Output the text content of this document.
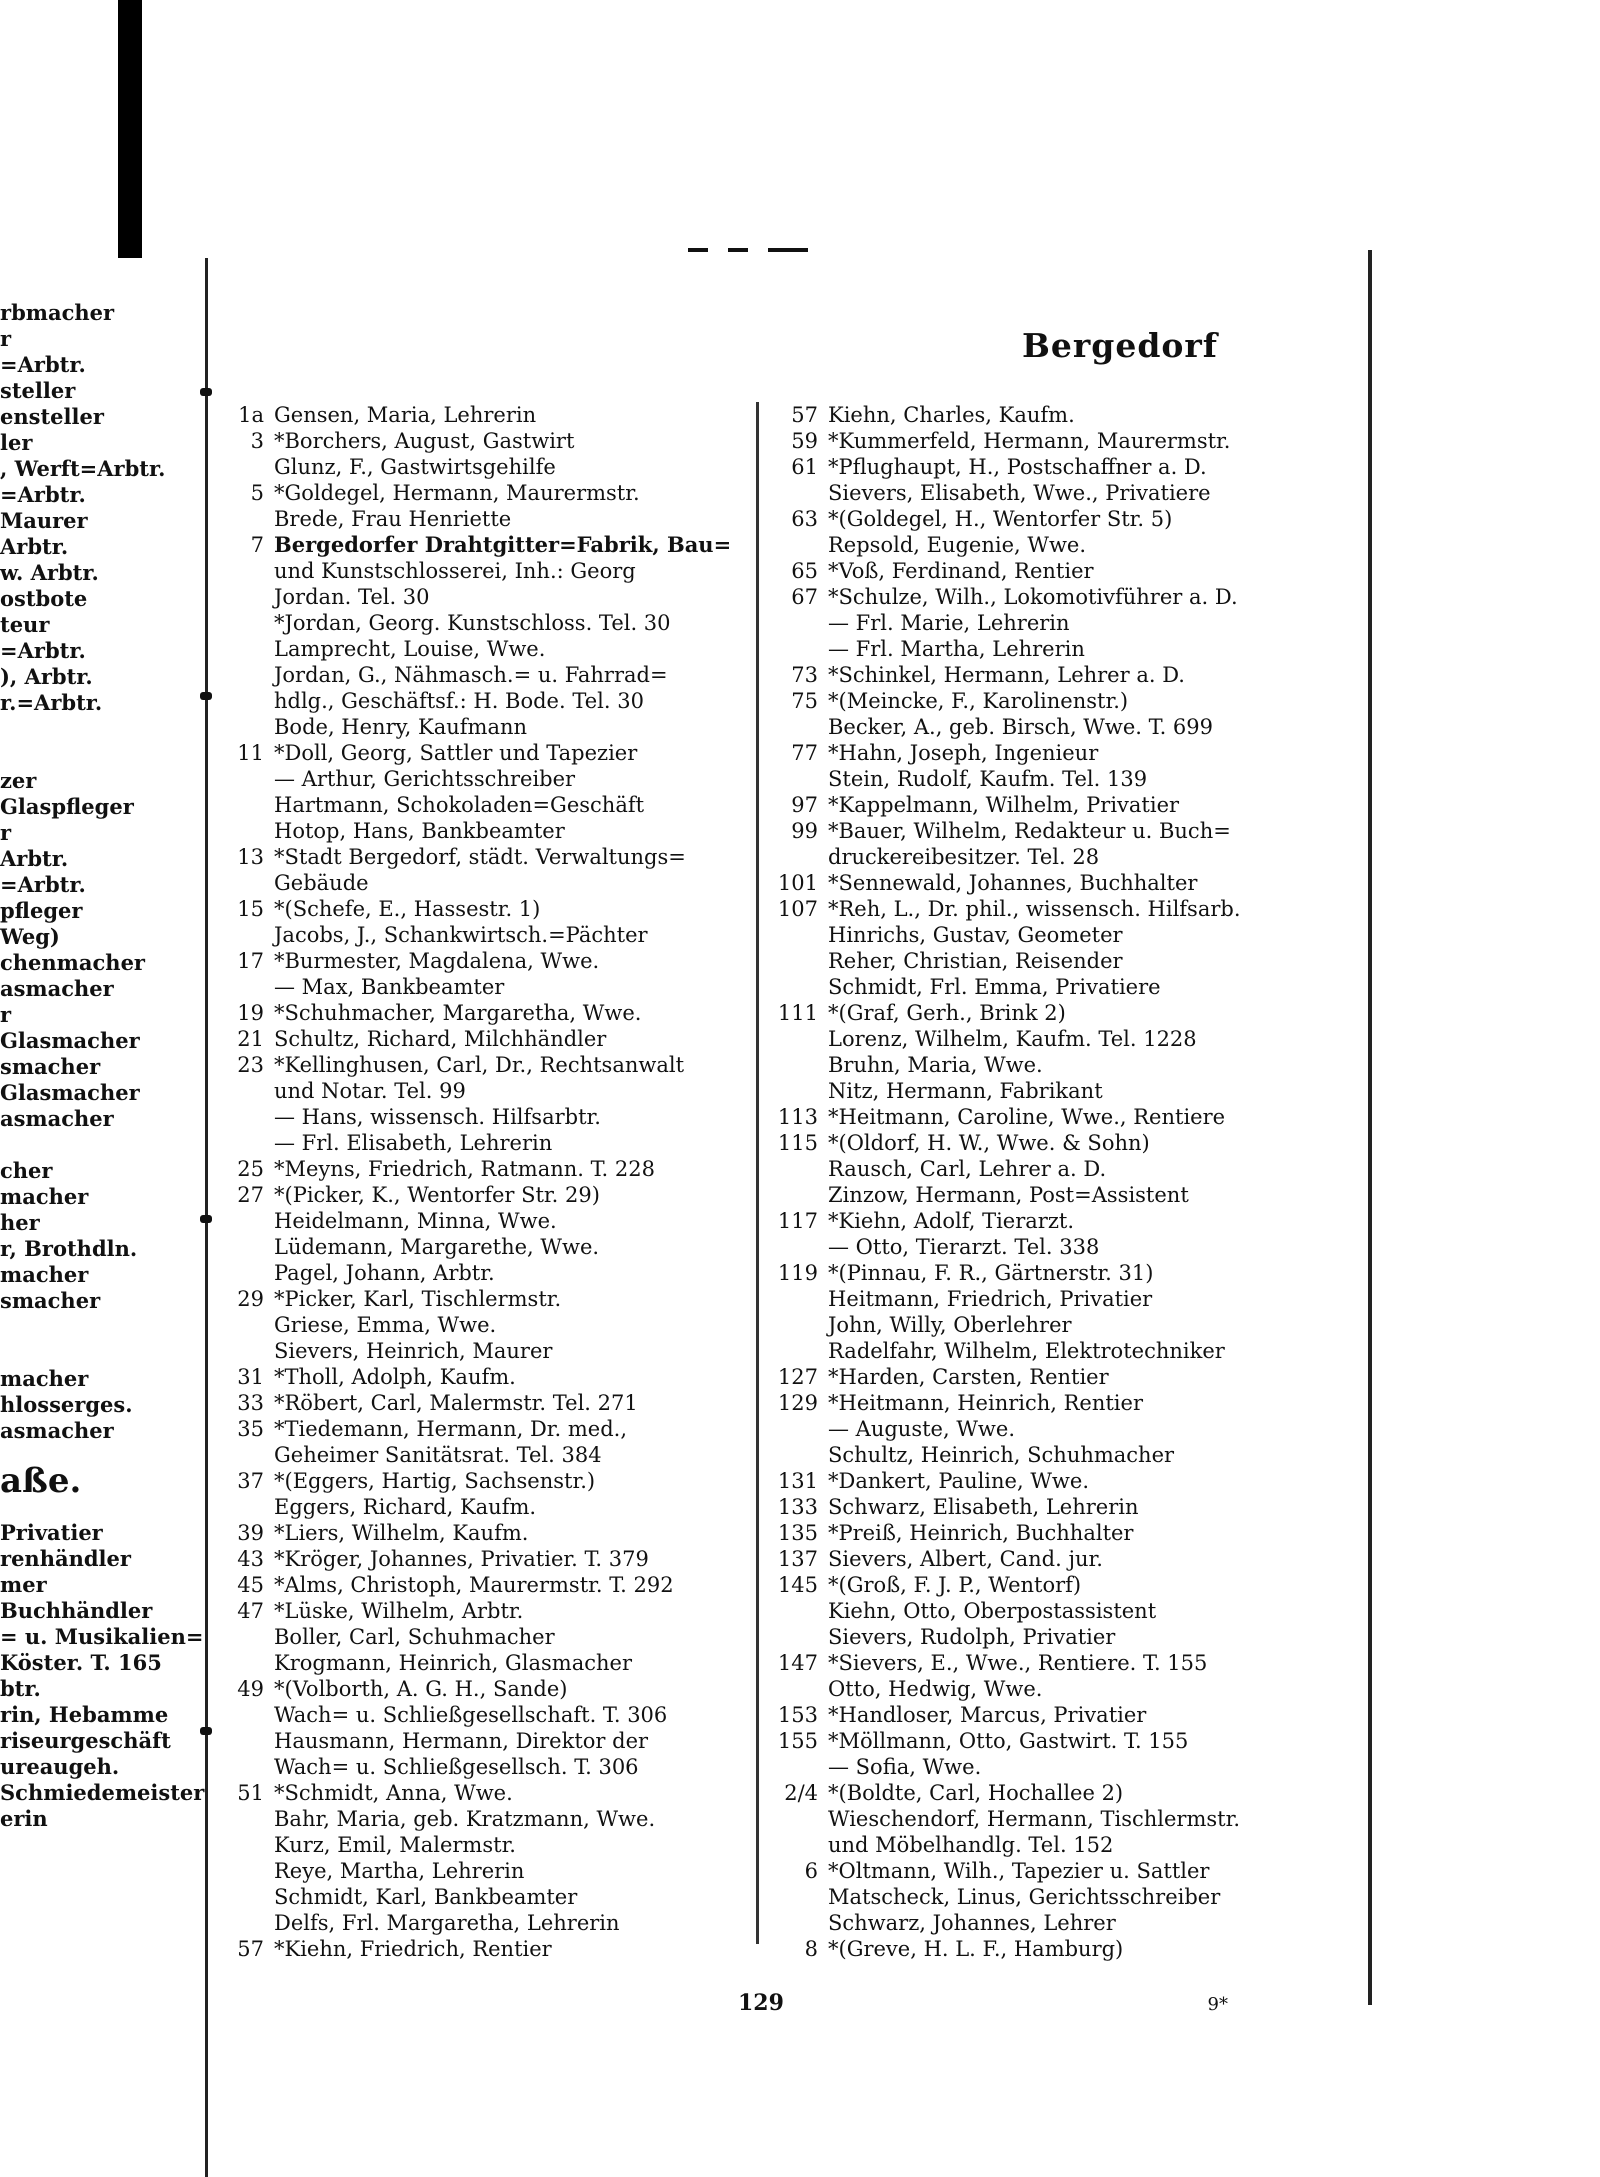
rbmacher
r
=Arbtr.
steller
ensteller
ler
, Werft=Arbtr.
=Arbtr.
Maurer
Arbtr.
w. Arbtr.
ostbote
teur
=Arbtr.
), Arbtr.
r.=Arbtr.
zer
Glaspfleger
r
Arbtr.
=Arbtr.
pfleger
Weg)
chenmacher
asmacher
r
Glasmacher
smacher
Glasmacher
asmacher
cher
macher
her
r, Brothdln.
macher
smacher
macher
hlosserges.
asmacher
aße.
Privatier
renhändler
mer
Buchhändler
= u. Musikalien=
Köster. T. 165
btr.
rin, Hebamme
riseurgeschäft
ureaugeh.
Schmiedemeister
erin
Bergedorf
1a Gensen, Maria, Lehrerin
3 *Borchers, August, Gastwirt
Glunz, F., Gastwirtsgehilfe
5 *Goldegel, Hermann, Maurermstr.
Brede, Frau Henriette
7 Bergedorfer Drahtgitter=Fabrik, Bau=
und Kunstschlosserei, Inh.: Georg
Jordan. Tel. 30
*Jordan, Georg. Kunstschloss. Tel. 30
Lamprecht, Louise, Wwe.
Jordan, G., Nähmasch.= u. Fahrrad=
hdlg., Geschäftsf.: H. Bode. Tel. 30
Bode, Henry, Kaufmann
11 *Doll, Georg, Sattler und Tapezier
— Arthur, Gerichtsschreiber
Hartmann, Schokoladen=Geschäft
Hotop, Hans, Bankbeamter
13 *Stadt Bergedorf, städt. Verwaltungs=
Gebäude
15 *(Schefe, E., Hassestr. 1)
Jacobs, J., Schankwirtsch.=Pächter
17 *Burmester, Magdalena, Wwe.
— Max, Bankbeamter
19 *Schuhmacher, Margaretha, Wwe.
21 Schultz, Richard, Milchhändler
23 *Kellinghusen, Carl, Dr., Rechtsanwalt
und Notar. Tel. 99
— Hans, wissensch. Hilfsarbtr.
— Frl. Elisabeth, Lehrerin
25 *Meyns, Friedrich, Ratmann. T. 228
27 *(Picker, K., Wentorfer Str. 29)
Heidelmann, Minna, Wwe.
Lüdemann, Margarethe, Wwe.
Pagel, Johann, Arbtr.
29 *Picker, Karl, Tischlermstr.
Griese, Emma, Wwe.
Sievers, Heinrich, Maurer
31 *Tholl, Adolph, Kaufm.
33 *Röbert, Carl, Malermstr. Tel. 271
35 *Tiedemann, Hermann, Dr. med.,
Geheimer Sanitätsrat. Tel. 384
37 *(Eggers, Hartig, Sachsenstr.)
Eggers, Richard, Kaufm.
39 *Liers, Wilhelm, Kaufm.
43 *Kröger, Johannes, Privatier. T. 379
45 *Alms, Christoph, Maurermstr. T. 292
47 *Lüske, Wilhelm, Arbtr.
Boller, Carl, Schuhmacher
Krogmann, Heinrich, Glasmacher
49 *(Volborth, A. G. H., Sande)
Wach= u. Schließgesellschaft. T. 306
Hausmann, Hermann, Direktor der
Wach= u. Schließgesellsch. T. 306
51 *Schmidt, Anna, Wwe.
Bahr, Maria, geb. Kratzmann, Wwe.
Kurz, Emil, Malermstr.
Reye, Martha, Lehrerin
Schmidt, Karl, Bankbeamter
Delfs, Frl. Margaretha, Lehrerin
57 *Kiehn, Friedrich, Rentier
57 Kiehn, Charles, Kaufm.
59 *Kummerfeld, Hermann, Maurermstr.
61 *Pflughaupt, H., Postschaffner a. D.
Sievers, Elisabeth, Wwe., Privatiere
63 *(Goldegel, H., Wentorfer Str. 5)
Repsold, Eugenie, Wwe.
65 *Voß, Ferdinand, Rentier
67 *Schulze, Wilh., Lokomotivführer a. D.
— Frl. Marie, Lehrerin
— Frl. Martha, Lehrerin
73 *Schinkel, Hermann, Lehrer a. D.
75 *(Meincke, F., Karolinenstr.)
Becker, A., geb. Birsch, Wwe. T. 699
77 *Hahn, Joseph, Ingenieur
Stein, Rudolf, Kaufm. Tel. 139
97 *Kappelmann, Wilhelm, Privatier
99 *Bauer, Wilhelm, Redakteur u. Buch=
druckereibesitzer. Tel. 28
101 *Sennewald, Johannes, Buchhalter
107 *Reh, L., Dr. phil., wissensch. Hilfsarb.
Hinrichs, Gustav, Geometer
Reher, Christian, Reisender
Schmidt, Frl. Emma, Privatiere
111 *(Graf, Gerh., Brink 2)
Lorenz, Wilhelm, Kaufm. Tel. 1228
Bruhn, Maria, Wwe.
Nitz, Hermann, Fabrikant
113 *Heitmann, Caroline, Wwe., Rentiere
115 *(Oldorf, H. W., Wwe. & Sohn)
Rausch, Carl, Lehrer a. D.
Zinzow, Hermann, Post=Assistent
117 *Kiehn, Adolf, Tierarzt.
— Otto, Tierarzt. Tel. 338
119 *(Pinnau, F. R., Gärtnerstr. 31)
Heitmann, Friedrich, Privatier
John, Willy, Oberlehrer
Radelfahr, Wilhelm, Elektrotechniker
127 *Harden, Carsten, Rentier
129 *Heitmann, Heinrich, Rentier
— Auguste, Wwe.
Schultz, Heinrich, Schuhmacher
131 *Dankert, Pauline, Wwe.
133 Schwarz, Elisabeth, Lehrerin
135 *Preiß, Heinrich, Buchhalter
137 Sievers, Albert, Cand. jur.
145 *(Groß, F. J. P., Wentorf)
Kiehn, Otto, Oberpostassistent
Sievers, Rudolph, Privatier
147 *Sievers, E., Wwe., Rentiere. T. 155
Otto, Hedwig, Wwe.
153 *Handloser, Marcus, Privatier
155 *Möllmann, Otto, Gastwirt. T. 155
— Sofia, Wwe.
2/4 *(Boldte, Carl, Hochallee 2)
Wieschendorf, Hermann, Tischlermstr.
und Möbelhandlg. Tel. 152
6 *Oltmann, Wilh., Tapezier u. Sattler
Matscheck, Linus, Gerichtsschreiber
Schwarz, Johannes, Lehrer
8 *(Greve, H. L. F., Hamburg)
129	9*
